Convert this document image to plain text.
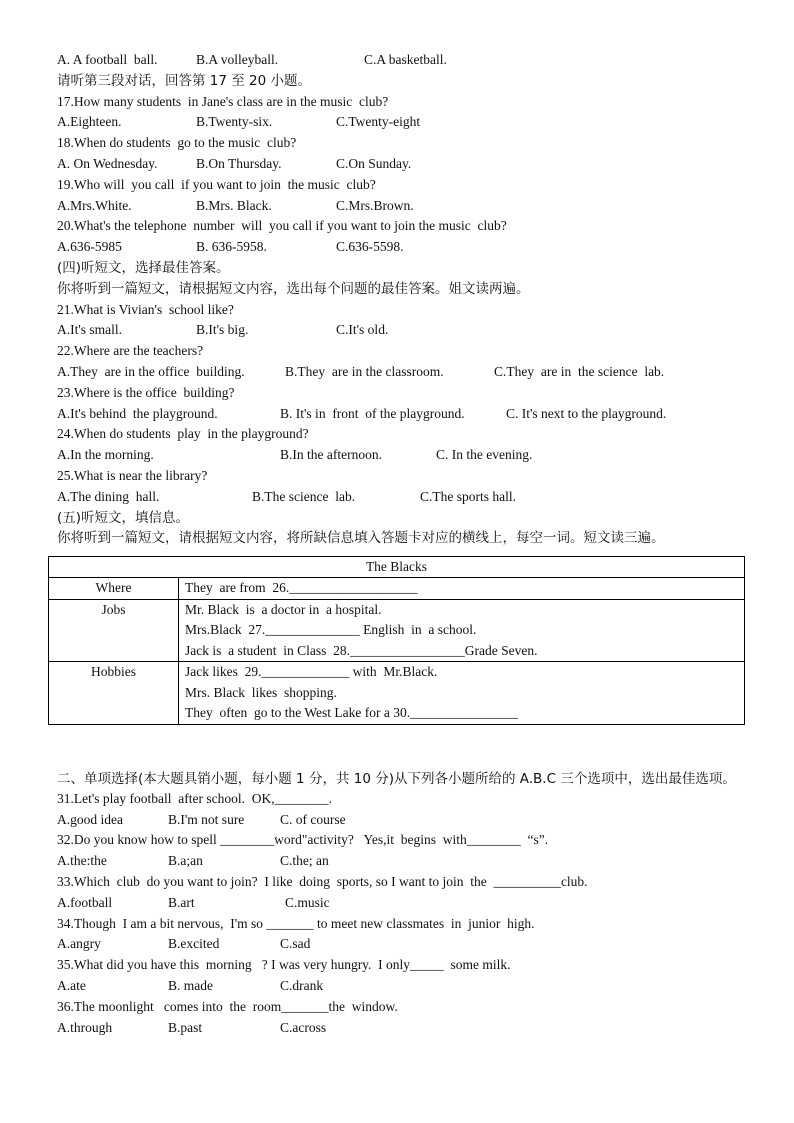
A. A football  ball.

	B.A volleyball.

	C.A basketball.

请听第三段对话，回答第 17 至 20 小题。
17.How many students  in Jane's class are in the music  club?

A.Eighteen.

	B.Twenty-six.

	C.Twenty-eight

18.When do students  go to the music  club?

A. On Wednesday.

	B.On Thursday.

	C.On Sunday.

19.Who will  you call  if you want to join  the music  club?

A.Mrs.White.

	B.Mrs. Black.

	C.Mrs.Brown.

20.What's the telephone  number  will  you call if you want to join the music  club?

A.636-5985

	B. 636-5958.

	C.636-5598.

(四)听短文，选择最佳答案。
你将听到一篇短文，请根据短文内容，选出每个问题的最佳答案。姐文读两遍。
21.What is Vivian's  school like?

A.It's small.

	B.It's big.

	C.It's old.

22.Where are the teachers?

A.They  are in the office  building.

	B.They  are in the classroom.

	C.They  are in  the science  lab.

23.Where is the office  building?

A.It's behind  the playground.

	B. It's in  front  of the playground.

	C. It's next to the playground.

24.When do students  play  in the playground?

A.In the morning.

	B.In the afternoon.

	C. In the evening.

25.What is near the library?

A.The dining  hall.

	B.The science  lab.

	C.The sports hall.

(五)听短文，填信息。
你将听到一篇短文，请根据短文内容，将所缺信息填入答题卡对应的横线上，每空一词。短文读三遍。
The Blacks	
Where	They  are from  26.___________________

Jobs	Mr. Black  is  a doctor in  a hospital.
Mrs.Black  27.______________ English  in  a school.
Jack is  a student  in Class  28._________________Grade Seven.

Hobbies	Jack likes  29._____________ with  Mr.Black.
Mrs. Black  likes  shopping.
They  often  go to the West Lake for a 30.________________
二、单项选择(本大题具销小题，每小题 1 分，共 10 分)从下列各小题所给的 A.B.C 三个选项中，选出最佳选项。
31.Let's play football  after school.  OK,________.

A.good idea

	B.I'm not sure

	C. of course

32.Do you know how to spell ________word"activity?   Yes,it  begins  with________  “s”.

A.the:the

	B.a;an

	C.the; an

33.Which  club  do you want to join?  I like  doing  sports, so I want to join  the  __________club.

A.football

	B.art

	C.music

34.Though  I am a bit nervous,  I'm so _______ to meet new classmates  in  junior  high.

A.angry

	B.excited

	C.sad

35.What did you have this  morning   ? I was very hungry.  I only_____  some milk.

A.ate

	B. made

	C.drank

36.The moonlight   comes into  the  room_______the  window.

A.through

	B.past

	C.across
